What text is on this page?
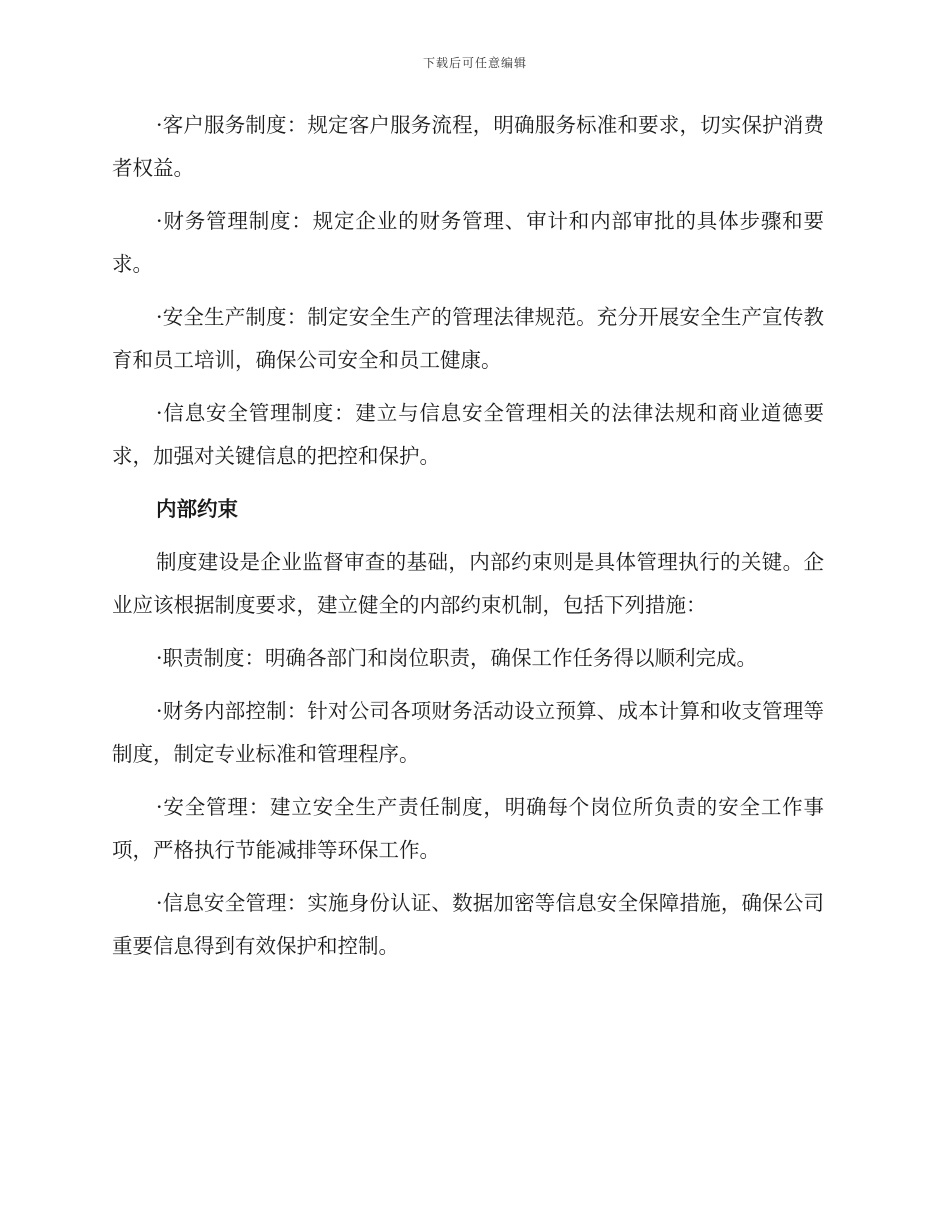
下载后可任意编辑

·客户服务制度：规定客户服务流程，明确服务标准和要求，切实保护消费者权益。

·财务管理制度：规定企业的财务管理、审计和内部审批的具体步骤和要求。

·安全生产制度：制定安全生产的管理法律规范。充分开展安全生产宣传教育和员工培训，确保公司安全和员工健康。

·信息安全管理制度：建立与信息安全管理相关的法律法规和商业道德要求，加强对关键信息的把控和保护。

内部约束

制度建设是企业监督审查的基础，内部约束则是具体管理执行的关键。企业应该根据制度要求，建立健全的内部约束机制，包括下列措施：

·职责制度：明确各部门和岗位职责，确保工作任务得以顺利完成。

·财务内部控制：针对公司各项财务活动设立预算、成本计算和收支管理等制度，制定专业标准和管理程序。

·安全管理：建立安全生产责任制度，明确每个岗位所负责的安全工作事项，严格执行节能减排等环保工作。

·信息安全管理：实施身份认证、数据加密等信息安全保障措施，确保公司重要信息得到有效保护和控制。
